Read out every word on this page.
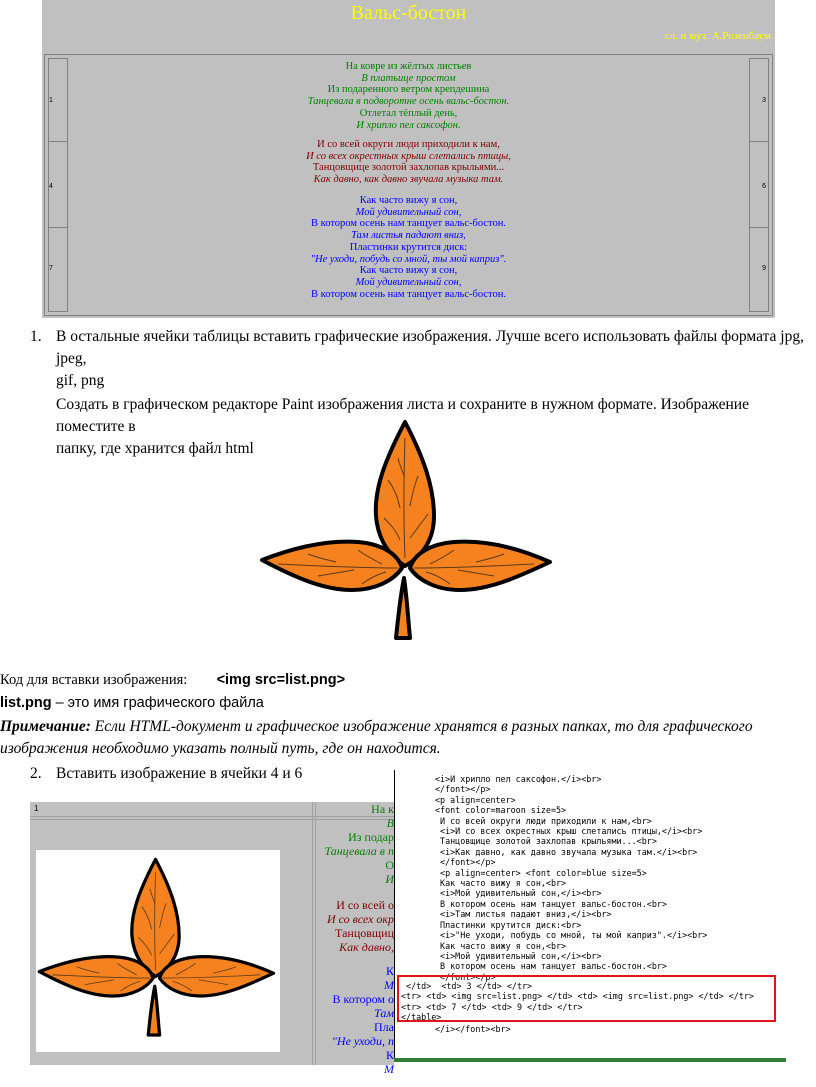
Вальс-бостон
сл. и муз. А.Розенбаум
1	3
4	6
7	9
На ковре из жёлтых листьев
В платьице простом
Из подаренного ветром крепдешина
Танцевала в подворотне осень вальс-бостон.
Отлетал тёплый день,
И хрипло пел саксофон.
И со всей округи люди приходили к нам,
И со всех окрестных крыш слетались птицы,
Танцовщице золотой захлопав крыльями...
Как давно, как давно звучала музыка там.
Как часто вижу я сон,
Мой удивительный сон,
В котором осень нам танцует вальс-бостон.
Там листья падают вниз,
Пластинки крутится диск:
"Не уходи, побудь со мной, ты мой каприз".
Как часто вижу я сон,
Мой удивительный сон,
В котором осень нам танцует вальс-бостон.
1. В остальные ячейки таблицы вставить графические изображения. Лучше всего использовать файлы формата jpg, jpeg,
gif, png
Создать в графическом редакторе Paint изображения листа и сохраните в нужном формате. Изображение поместите в
папку, где хранится файл html
Код для вставки изображения: <img src=list.png>
list.png – это имя графического файла
Примечание: Если HTML-документ и графическое изображение хранятся в разных папках, то для графического
изображения необходимо указать полный путь, где он находится.
2. Вставить изображение в ячейки 4 и 6
1	На к
В
Из подар
Танцевала в п
О
И
И со всей о
И со всех окр
Танцовщиц
Как давно,
К
М
В котором о
Там
Пла
"Не уходи, п
К
М
<i>И хрипло пел саксофон.</i><br>
</font></p>
<p align=center>
<font color=maroon size=5>
И со всей округи люди приходили к нам,<br>
<i>И со всех окрестных крыш слетались птицы,</i><br>
Танцовщице золотой захлопав крыльями...<br>
<i>Как давно, как давно звучала музыка там.</i><br>
</font></p>
<p align=center> <font color=blue size=5>
Как часто вижу я сон,<br>
<i>Мой удивительный сон,</i><br>
В котором осень нам танцует вальс-бостон.<br>
<i>Там листья падают вниз,</i><br>
Пластинки крутится диск:<br>
<i>"Не уходи, побудь со мной, ты мой каприз".</i><br>
Как часто вижу я сон,<br>
<i>Мой удивительный сон,</i><br>
В котором осень нам танцует вальс-бостон.<br>
</font></p>

</i></font><br>
</td>  <td> 3 </td> </tr>
<tr> <td> <img src=list.png> </td> <td> <img src=list.png> </td> </tr>
<tr> <td> 7 </td> <td> 9 </td> </tr>
</table>
